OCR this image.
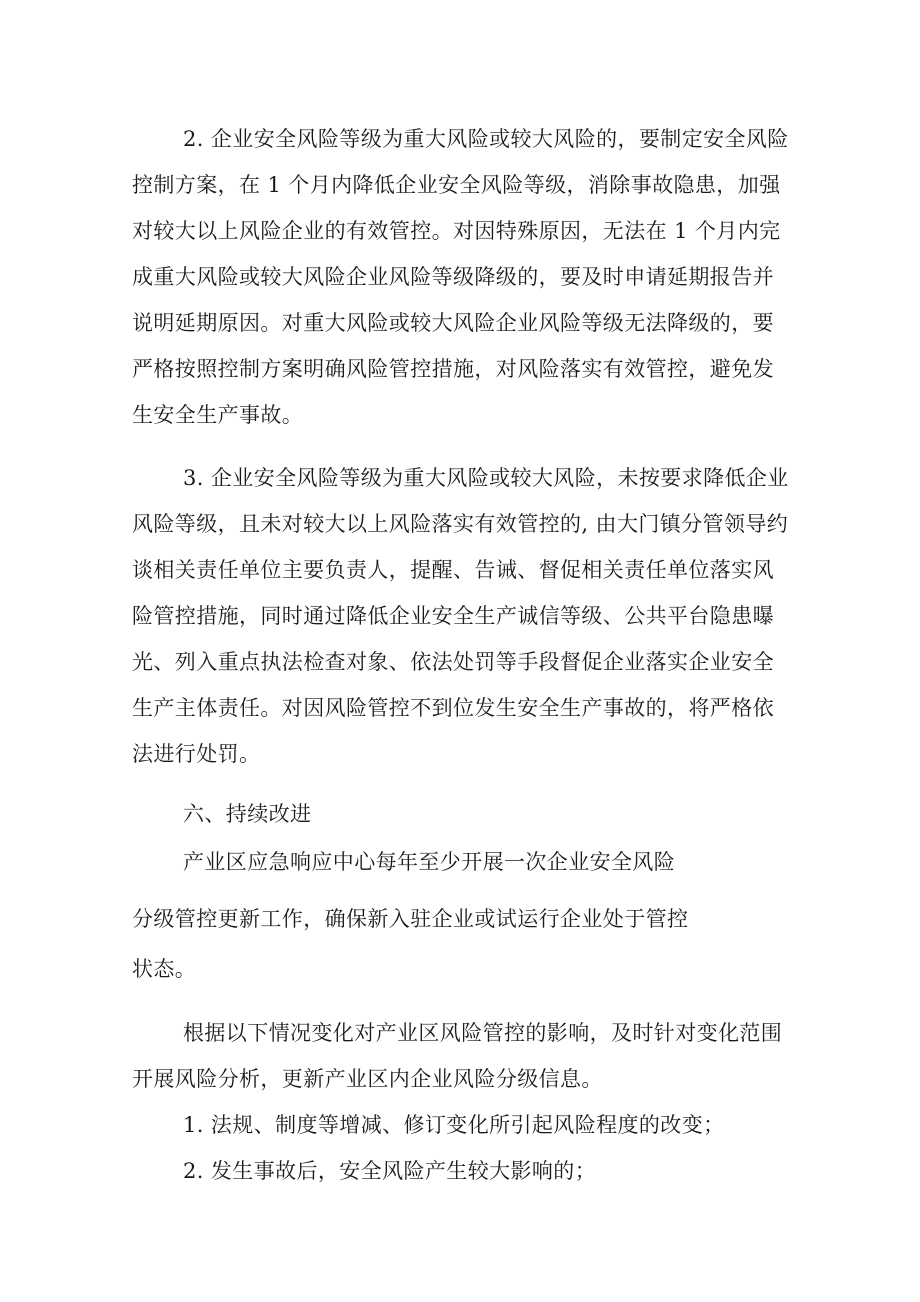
2. 企业安全风险等级为重大风险或较大风险的，要制定安全风险

控制方案，在 1 个月内降低企业安全风险等级，消除事故隐患，加强

对较大以上风险企业的有效管控。对因特殊原因，无法在 1 个月内完

成重大风险或较大风险企业风险等级降级的，要及时申请延期报告并

说明延期原因。对重大风险或较大风险企业风险等级无法降级的，要

严格按照控制方案明确风险管控措施，对风险落实有效管控，避免发

生安全生产事故。

3. 企业安全风险等级为重大风险或较大风险，未按要求降低企业

风险等级，且未对较大以上风险落实有效管控的, 由大门镇分管领导约

谈相关责任单位主要负责人，提醒、告诫、督促相关责任单位落实风

险管控措施，同时通过降低企业安全生产诚信等级、公共平台隐患曝

光、列入重点执法检查对象、依法处罚等手段督促企业落实企业安全

生产主体责任。对因风险管控不到位发生安全生产事故的，将严格依

法进行处罚。

六、持续改进

产业区应急响应中心每年至少开展一次企业安全风险

分级管控更新工作，确保新入驻企业或试运行企业处于管控

状态。

根据以下情况变化对产业区风险管控的影响，及时针对变化范围

开展风险分析，更新产业区内企业风险分级信息。

1. 法规、制度等增减、修订变化所引起风险程度的改变；

2. 发生事故后，安全风险产生较大影响的；
